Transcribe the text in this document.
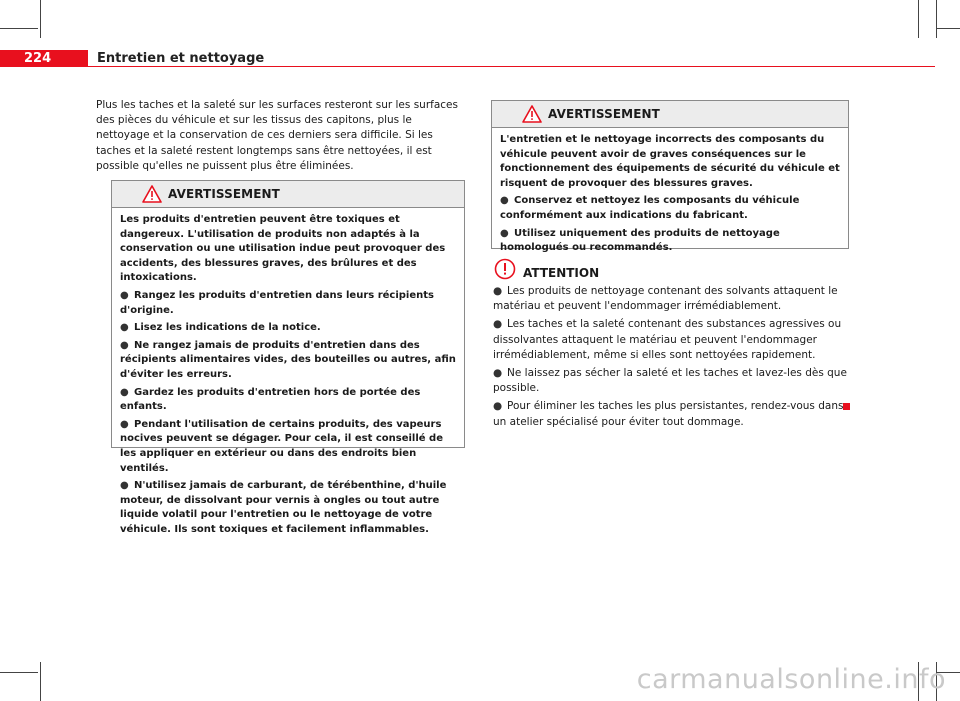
224	Entretien et nettoyage

Plus les taches et la saleté sur les surfaces resteront sur les surfaces des pièces du véhicule et sur les tissus des capitons, plus le nettoyage et la conservation de ces derniers sera difficile. Si les taches et la saleté restent longtemps sans être nettoyées, il est possible qu'elles ne puissent plus être éliminées.

AVERTISSEMENT

Les produits d'entretien peuvent être toxiques et dangereux. L'utilisation de produits non adaptés à la conservation ou une utilisation indue peut provoquer des accidents, des blessures graves, des brûlures et des intoxications.

● Rangez les produits d'entretien dans leurs récipients d'origine.

● Lisez les indications de la notice.

● Ne rangez jamais de produits d'entretien dans des récipients alimentaires vides, des bouteilles ou autres, afin d'éviter les erreurs.

● Gardez les produits d'entretien hors de portée des enfants.

● Pendant l'utilisation de certains produits, des vapeurs nocives peuvent se dégager. Pour cela, il est conseillé de les appliquer en extérieur ou dans des endroits bien ventilés.

● N'utilisez jamais de carburant, de térébenthine, d'huile moteur, de dissolvant pour vernis à ongles ou tout autre liquide volatil pour l'entretien ou le nettoyage de votre véhicule. Ils sont toxiques et facilement inflammables.

AVERTISSEMENT

L'entretien et le nettoyage incorrects des composants du véhicule peuvent avoir de graves conséquences sur le fonctionnement des équipements de sécurité du véhicule et risquent de provoquer des blessures graves.

● Conservez et nettoyez les composants du véhicule conformément aux indications du fabricant.

● Utilisez uniquement des produits de nettoyage homologués ou recommandés.

ATTENTION

● Les produits de nettoyage contenant des solvants attaquent le matériau et peuvent l'endommager irrémédiablement.

● Les taches et la saleté contenant des substances agressives ou dissolvantes attaquent le matériau et peuvent l'endommager irrémédiablement, même si elles sont nettoyées rapidement.

● Ne laissez pas sécher la saleté et les taches et lavez-les dès que possible.

● Pour éliminer les taches les plus persistantes, rendez-vous dans un atelier spécialisé pour éviter tout dommage.

carmanualsonline.info
